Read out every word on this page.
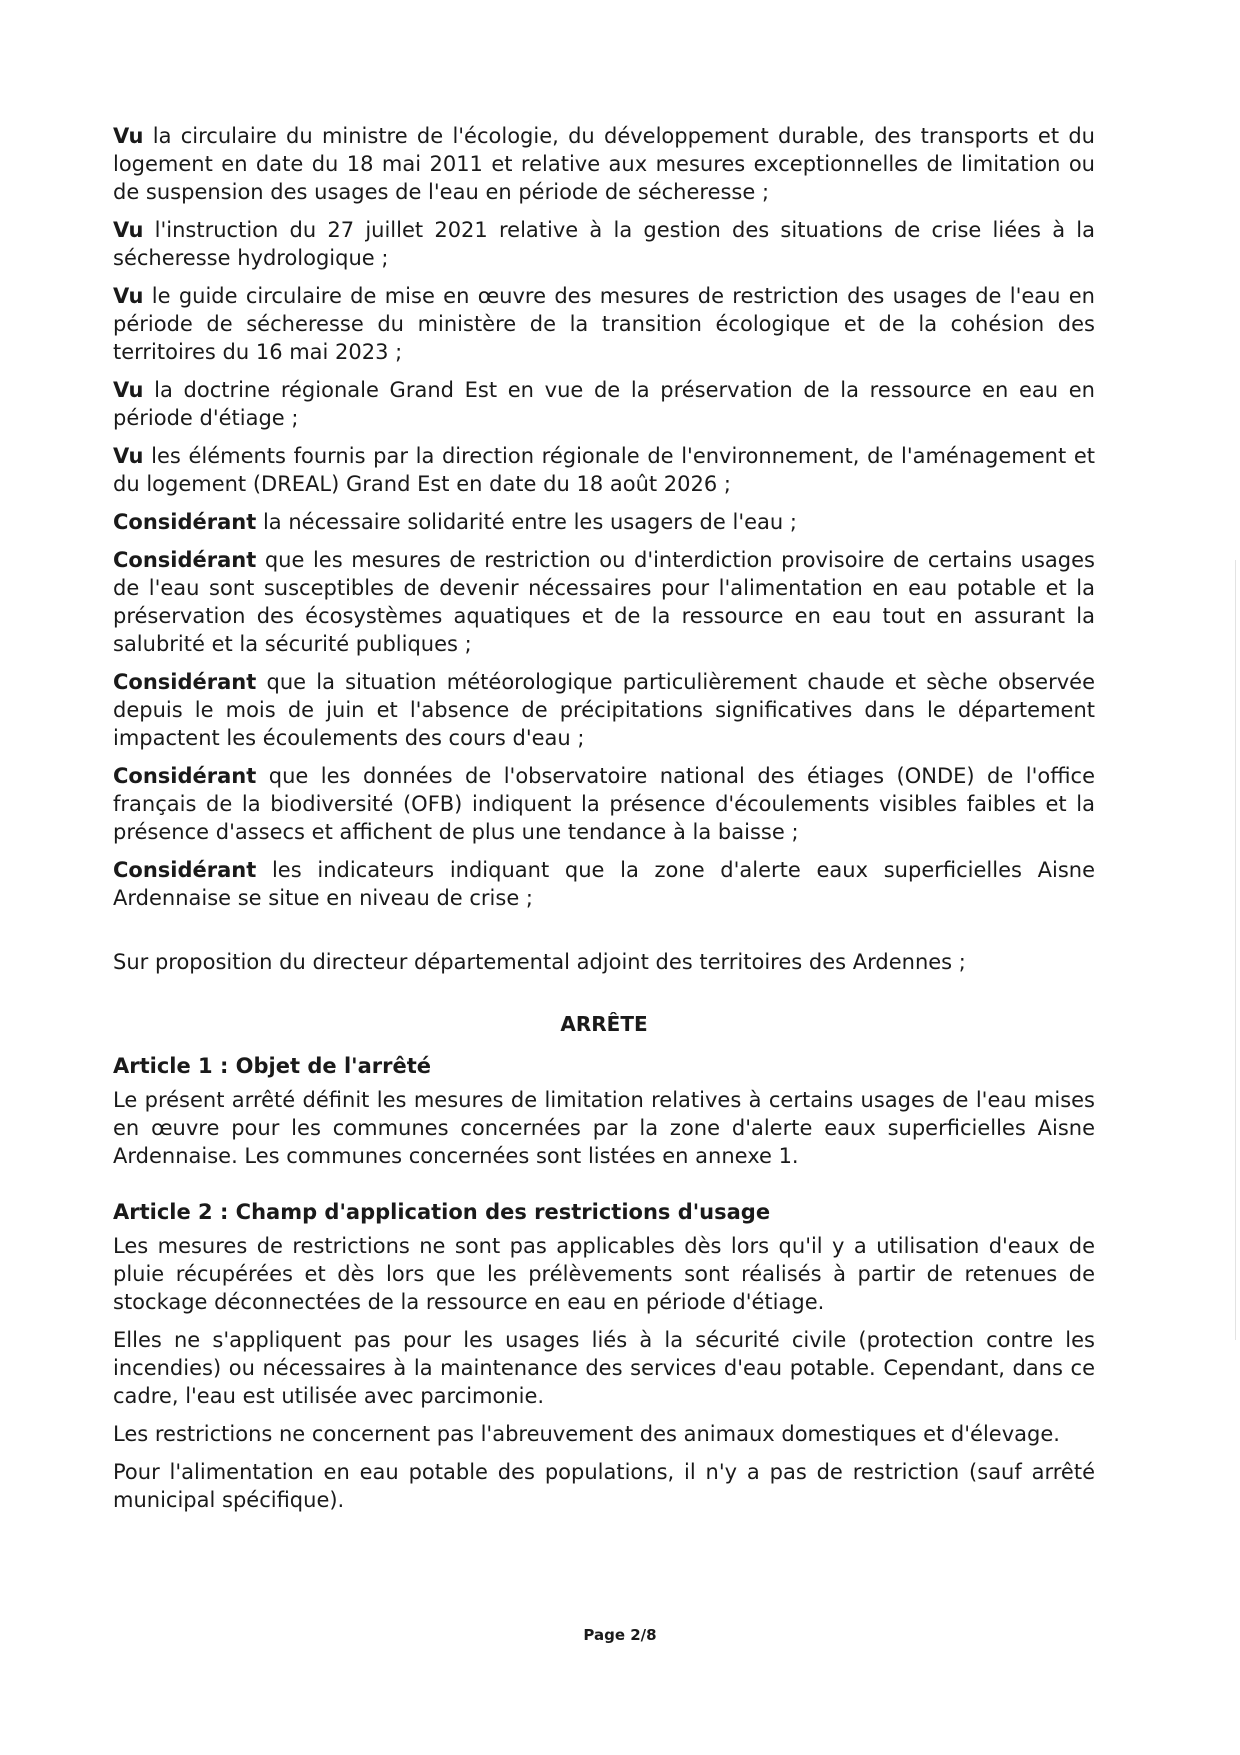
Vu la circulaire du ministre de l'écologie, du développement durable, des transports et du logement en date du 18 mai 2011 et relative aux mesures exceptionnelles de limitation ou de suspension des usages de l'eau en période de sécheresse ;

Vu l'instruction du 27 juillet 2021 relative à la gestion des situations de crise liées à la sécheresse hydrologique ;

Vu le guide circulaire de mise en œuvre des mesures de restriction des usages de l'eau en période de sécheresse du ministère de la transition écologique et de la cohésion des territoires du 16 mai 2023 ;

Vu la doctrine régionale Grand Est en vue de la préservation de la ressource en eau en période d'étiage ;

Vu les éléments fournis par la direction régionale de l'environnement, de l'aménagement et du logement (DREAL) Grand Est en date du 18 août 2026 ;

Considérant la nécessaire solidarité entre les usagers de l'eau ;

Considérant que les mesures de restriction ou d'interdiction provisoire de certains usages de l'eau sont susceptibles de devenir nécessaires pour l'alimentation en eau potable et la préservation des écosystèmes aquatiques et de la ressource en eau tout en assurant la salubrité et la sécurité publiques ;

Considérant que la situation météorologique particulièrement chaude et sèche observée depuis le mois de juin et l'absence de précipitations significatives dans le département impactent les écoulements des cours d'eau ;

Considérant que les données de l'observatoire national des étiages (ONDE) de l'office français de la biodiversité (OFB) indiquent la présence d'écoulements visibles faibles et la présence d'assecs et affichent de plus une tendance à la baisse ;

Considérant les indicateurs indiquant que la zone d'alerte eaux superficielles Aisne Ardennaise se situe en niveau de crise ;

Sur proposition du directeur départemental adjoint des territoires des Ardennes ;

ARRÊTE
Article 1 : Objet de l'arrêté

Le présent arrêté définit les mesures de limitation relatives à certains usages de l'eau mises en œuvre pour les communes concernées par la zone d'alerte eaux superficielles Aisne Ardennaise. Les communes concernées sont listées en annexe 1.

Article 2 : Champ d'application des restrictions d'usage

Les mesures de restrictions ne sont pas applicables dès lors qu'il y a utilisation d'eaux de pluie récupérées et dès lors que les prélèvements sont réalisés à partir de retenues de stockage déconnectées de la ressource en eau en période d'étiage.

Elles ne s'appliquent pas pour les usages liés à la sécurité civile (protection contre les incendies) ou nécessaires à la maintenance des services d'eau potable. Cependant, dans ce cadre, l'eau est utilisée avec parcimonie.

Les restrictions ne concernent pas l'abreuvement des animaux domestiques et d'élevage.

Pour l'alimentation en eau potable des populations, il n'y a pas de restriction (sauf arrêté municipal spécifique).

Page 2/8
